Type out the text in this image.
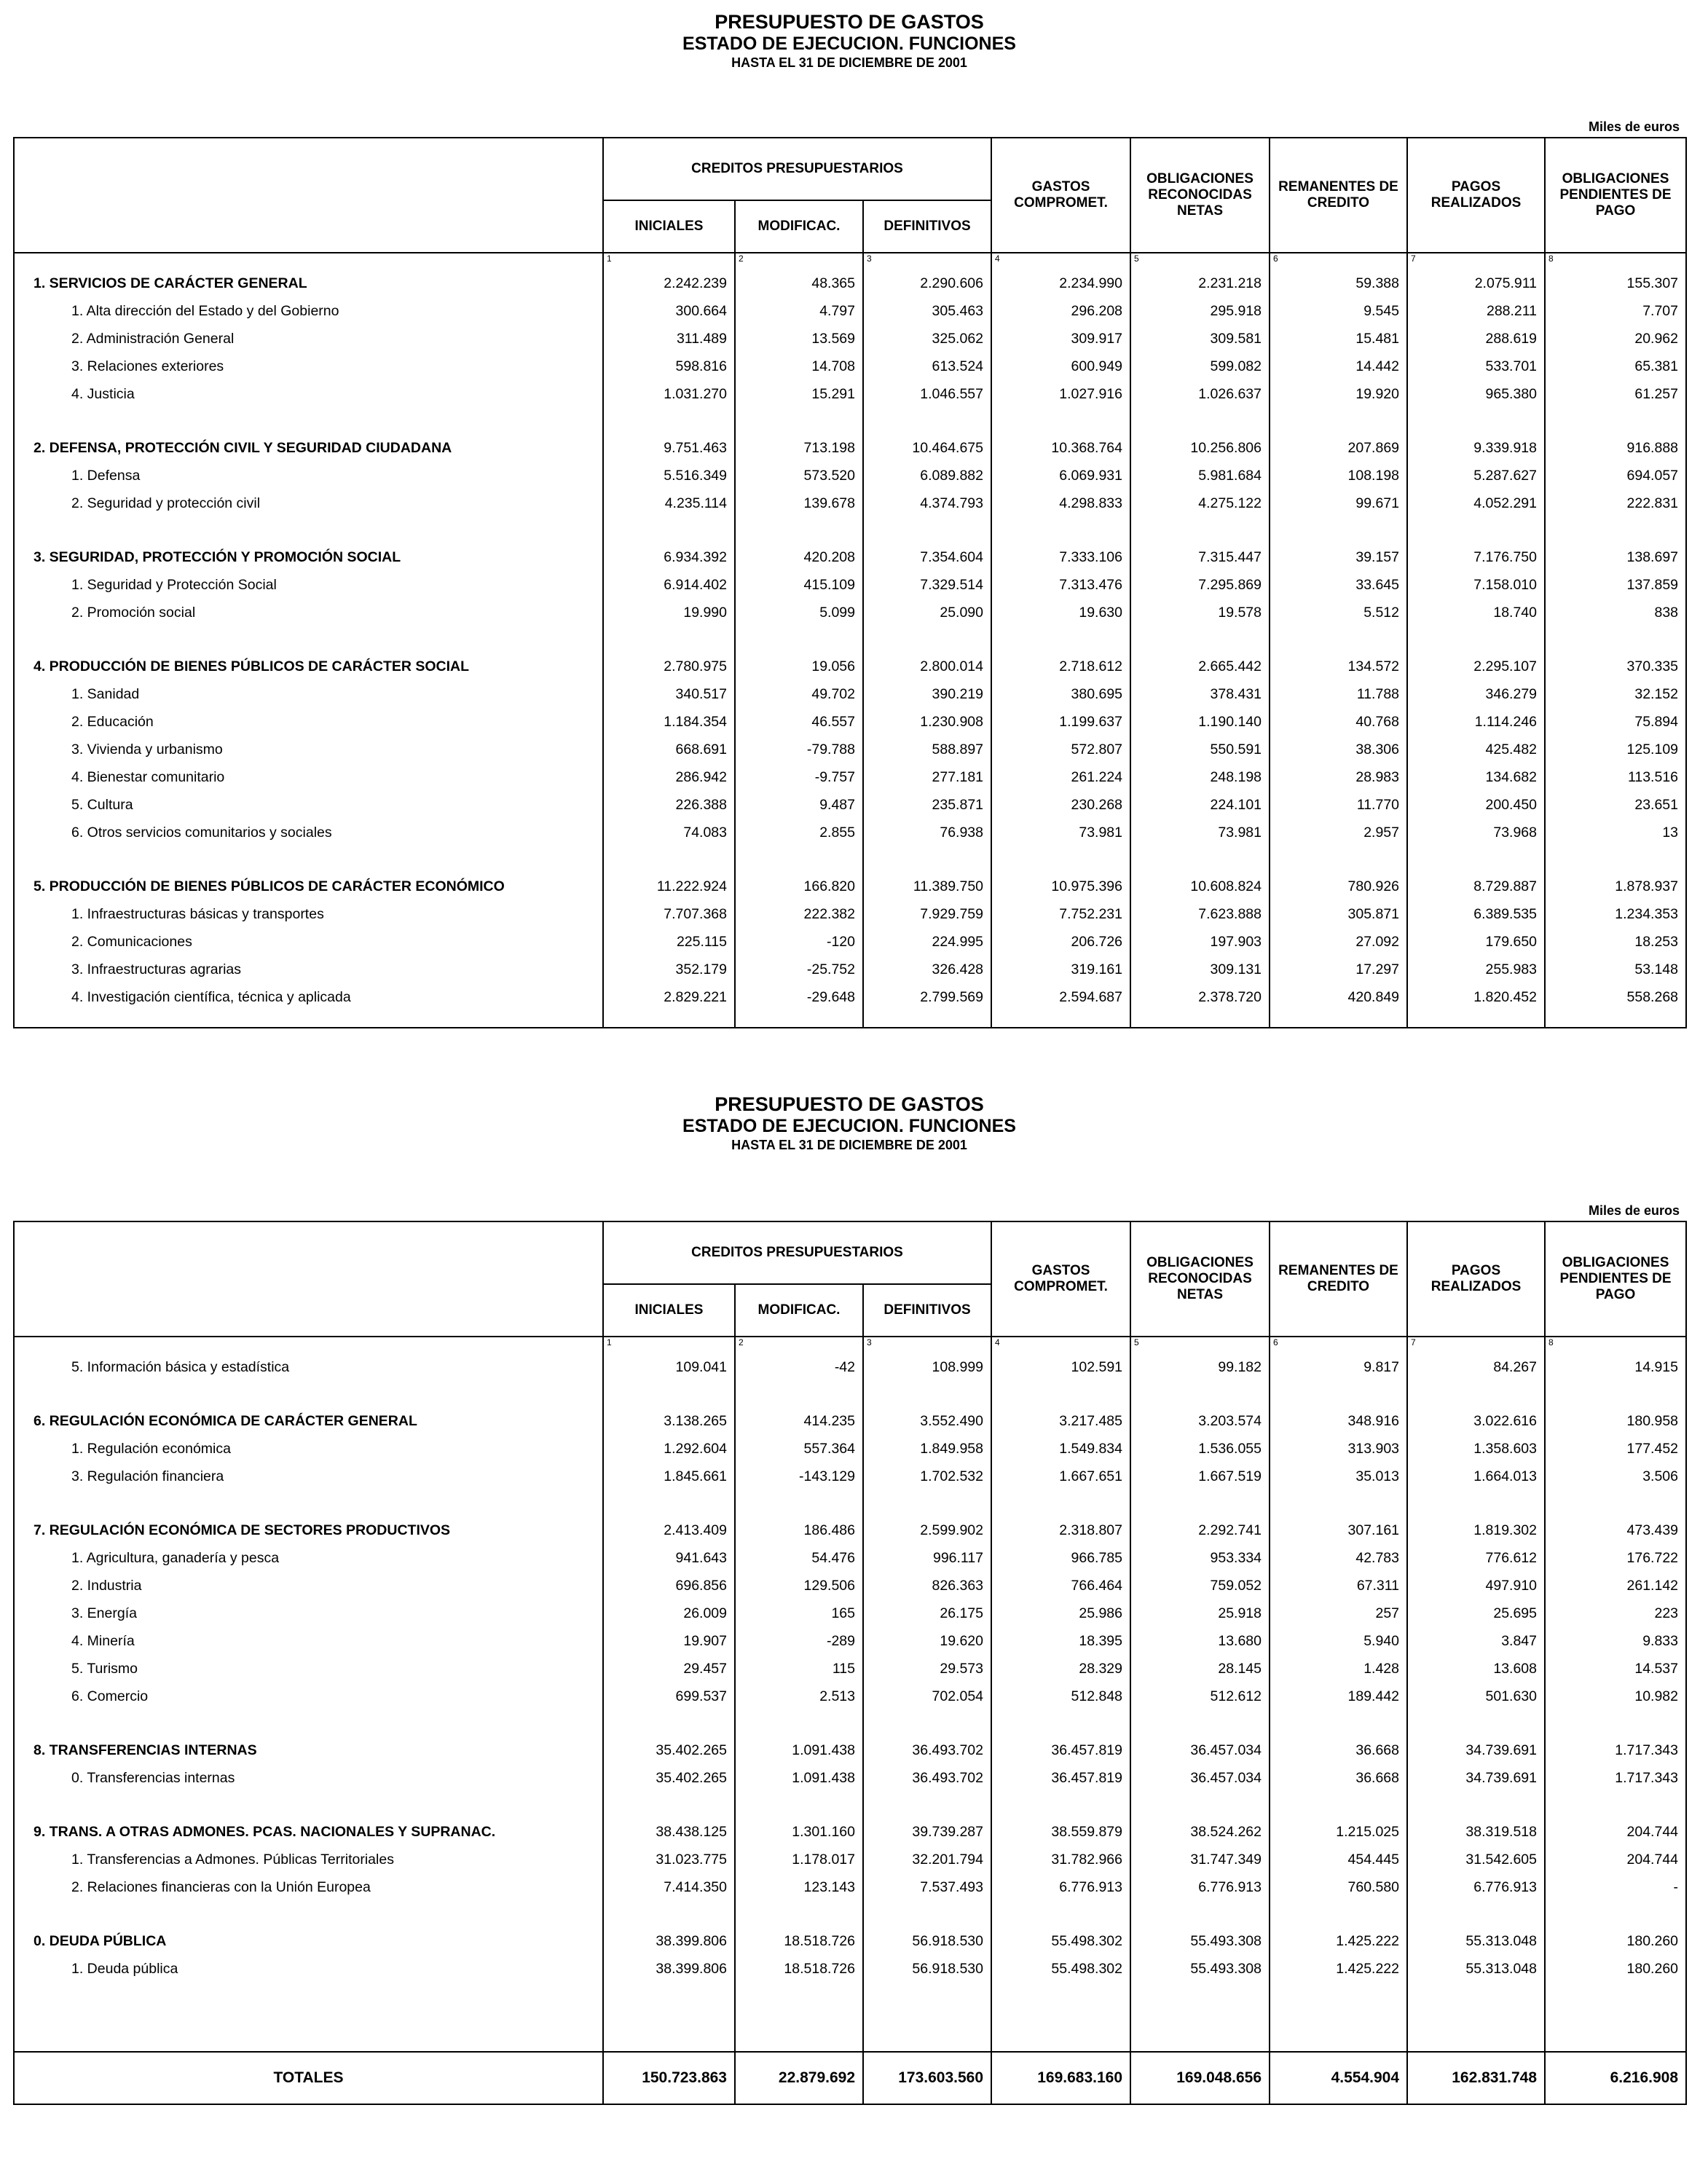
PRESUPUESTO DE GASTOS
ESTADO DE EJECUCION. FUNCIONES
HASTA EL 31 DE DICIEMBRE DE 2001
Miles de euros
	CREDITOS PRESUPUESTARIOS			GASTOS COMPROMET.	OBLIGACIONES RECONOCIDAS NETAS	REMANENTES DE CREDITO	PAGOS REALIZADOS	OBLIGACIONES PENDIENTES DE PAGO
	INICIALES	MODIFICAC.	DEFINITIVOS					
	1	2	3	4	5	6	7	8
1. SERVICIOS DE CARÁCTER GENERAL	2.242.239	48.365	2.290.606	2.234.990	2.231.218	59.388	2.075.911	155.307
1. Alta dirección del Estado y del Gobierno	300.664	4.797	305.463	296.208	295.918	9.545	288.211	7.707
2. Administración General	311.489	13.569	325.062	309.917	309.581	15.481	288.619	20.962
3. Relaciones exteriores	598.816	14.708	613.524	600.949	599.082	14.442	533.701	65.381
4. Justicia	1.031.270	15.291	1.046.557	1.027.916	1.026.637	19.920	965.380	61.257

2. DEFENSA, PROTECCIÓN CIVIL Y SEGURIDAD CIUDADANA	9.751.463	713.198	10.464.675	10.368.764	10.256.806	207.869	9.339.918	916.888
1. Defensa	5.516.349	573.520	6.089.882	6.069.931	5.981.684	108.198	5.287.627	694.057
2. Seguridad y protección civil	4.235.114	139.678	4.374.793	4.298.833	4.275.122	99.671	4.052.291	222.831

3. SEGURIDAD, PROTECCIÓN Y PROMOCIÓN SOCIAL	6.934.392	420.208	7.354.604	7.333.106	7.315.447	39.157	7.176.750	138.697
1. Seguridad y Protección Social	6.914.402	415.109	7.329.514	7.313.476	7.295.869	33.645	7.158.010	137.859
2. Promoción social	19.990	5.099	25.090	19.630	19.578	5.512	18.740	838

4. PRODUCCIÓN DE BIENES PÚBLICOS DE CARÁCTER SOCIAL	2.780.975	19.056	2.800.014	2.718.612	2.665.442	134.572	2.295.107	370.335
1. Sanidad	340.517	49.702	390.219	380.695	378.431	11.788	346.279	32.152
2. Educación	1.184.354	46.557	1.230.908	1.199.637	1.190.140	40.768	1.114.246	75.894
3. Vivienda y urbanismo	668.691	-79.788	588.897	572.807	550.591	38.306	425.482	125.109
4. Bienestar comunitario	286.942	-9.757	277.181	261.224	248.198	28.983	134.682	113.516
5. Cultura	226.388	9.487	235.871	230.268	224.101	11.770	200.450	23.651
6. Otros servicios comunitarios y sociales	74.083	2.855	76.938	73.981	73.981	2.957	73.968	13

5. PRODUCCIÓN DE BIENES PÚBLICOS DE CARÁCTER ECONÓMICO	11.222.924	166.820	11.389.750	10.975.396	10.608.824	780.926	8.729.887	1.878.937
1. Infraestructuras básicas y transportes	7.707.368	222.382	7.929.759	7.752.231	7.623.888	305.871	6.389.535	1.234.353
2. Comunicaciones	225.115	-120	224.995	206.726	197.903	27.092	179.650	18.253
3. Infraestructuras agrarias	352.179	-25.752	326.428	319.161	309.131	17.297	255.983	53.148
4. Investigación científica, técnica y aplicada	2.829.221	-29.648	2.799.569	2.594.687	2.378.720	420.849	1.820.452	558.268

PRESUPUESTO DE GASTOS
ESTADO DE EJECUCION. FUNCIONES
HASTA EL 31 DE DICIEMBRE DE 2001
Miles de euros
	CREDITOS PRESUPUESTARIOS			GASTOS COMPROMET.	OBLIGACIONES RECONOCIDAS NETAS	REMANENTES DE CREDITO	PAGOS REALIZADOS	OBLIGACIONES PENDIENTES DE PAGO
	INICIALES	MODIFICAC.	DEFINITIVOS					
	1	2	3	4	5	6	7	8
5. Información básica y estadística	109.041	-42	108.999	102.591	99.182	9.817	84.267	14.915

6. REGULACIÓN ECONÓMICA DE CARÁCTER GENERAL	3.138.265	414.235	3.552.490	3.217.485	3.203.574	348.916	3.022.616	180.958
1. Regulación económica	1.292.604	557.364	1.849.958	1.549.834	1.536.055	313.903	1.358.603	177.452
3. Regulación financiera	1.845.661	-143.129	1.702.532	1.667.651	1.667.519	35.013	1.664.013	3.506

7. REGULACIÓN ECONÓMICA DE SECTORES PRODUCTIVOS	2.413.409	186.486	2.599.902	2.318.807	2.292.741	307.161	1.819.302	473.439
1. Agricultura, ganadería y pesca	941.643	54.476	996.117	966.785	953.334	42.783	776.612	176.722
2. Industria	696.856	129.506	826.363	766.464	759.052	67.311	497.910	261.142
3. Energía	26.009	165	26.175	25.986	25.918	257	25.695	223
4. Minería	19.907	-289	19.620	18.395	13.680	5.940	3.847	9.833
5. Turismo	29.457	115	29.573	28.329	28.145	1.428	13.608	14.537
6. Comercio	699.537	2.513	702.054	512.848	512.612	189.442	501.630	10.982

8. TRANSFERENCIAS INTERNAS	35.402.265	1.091.438	36.493.702	36.457.819	36.457.034	36.668	34.739.691	1.717.343
0. Transferencias internas	35.402.265	1.091.438	36.493.702	36.457.819	36.457.034	36.668	34.739.691	1.717.343

9. TRANS. A OTRAS ADMONES. PCAS. NACIONALES Y SUPRANAC.	38.438.125	1.301.160	39.739.287	38.559.879	38.524.262	1.215.025	38.319.518	204.744
1. Transferencias a Admones. Públicas Territoriales	31.023.775	1.178.017	32.201.794	31.782.966	31.747.349	454.445	31.542.605	204.744
2. Relaciones financieras con la Unión Europea	7.414.350	123.143	7.537.493	6.776.913	6.776.913	760.580	6.776.913	-

0. DEUDA PÚBLICA	38.399.806	18.518.726	56.918.530	55.498.302	55.493.308	1.425.222	55.313.048	180.260
1. Deuda pública	38.399.806	18.518.726	56.918.530	55.498.302	55.493.308	1.425.222	55.313.048	180.260

TOTALES	150.723.863	22.879.692	173.603.560	169.683.160	169.048.656	4.554.904	162.831.748	6.216.908
